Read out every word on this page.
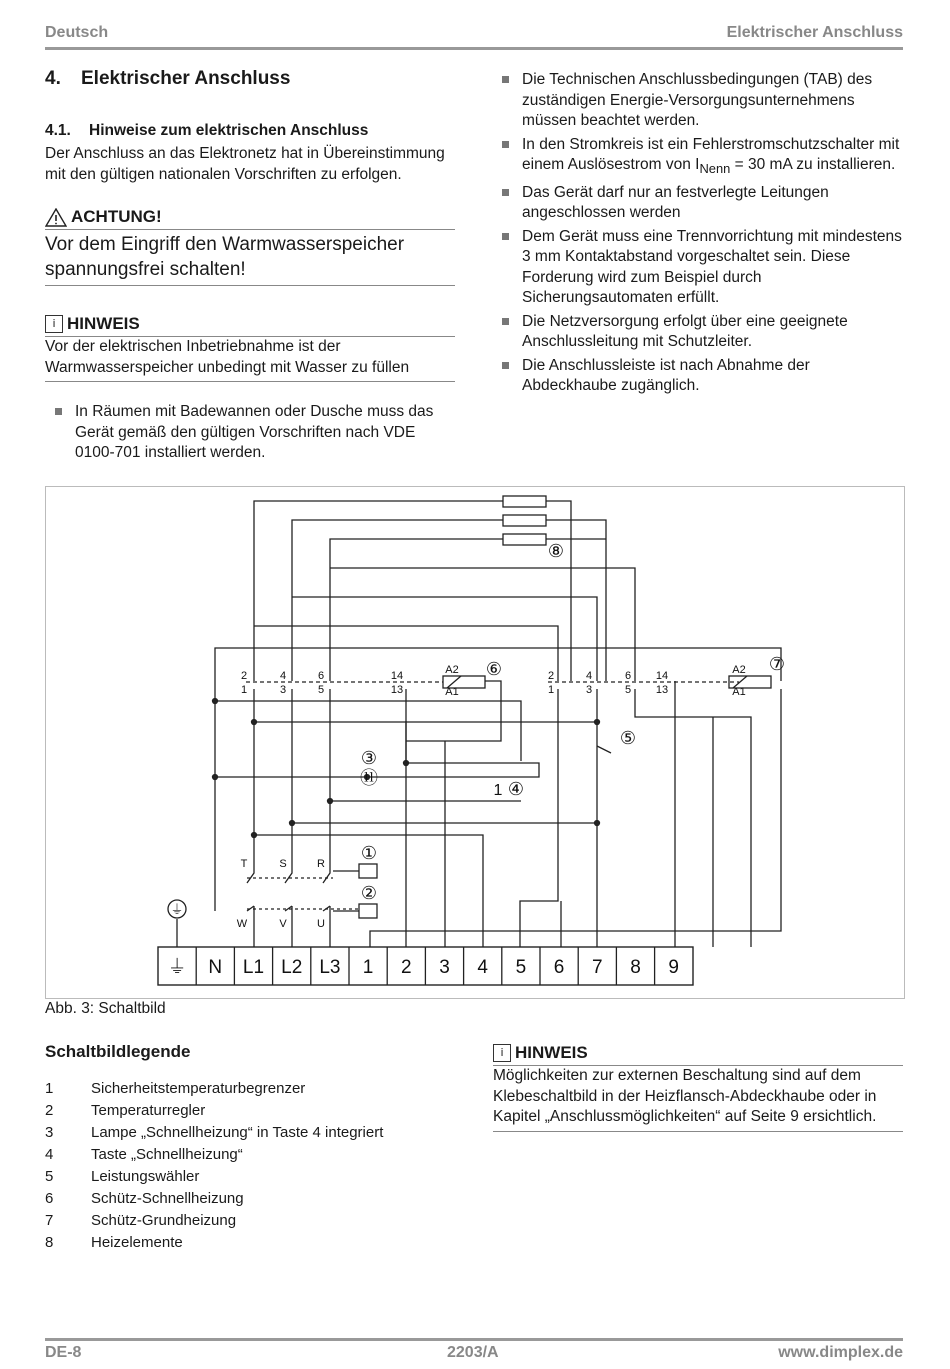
Deutsch	Elektrischer Anschluss
4. Elektrischer Anschluss
4.1. Hinweise zum elektrischen Anschluss

Der Anschluss an das Elektronetz hat in Übereinstimmung mit den gültigen nationalen Vorschriften zu erfolgen.

ACHTUNG!
Vor dem Eingriff den Warmwasserspeicher spannungsfrei schalten!
i HINWEIS
Vor der elektrischen Inbetriebnahme ist der Warmwasserspeicher unbedingt mit Wasser zu füllen
In Räumen mit Badewannen oder Dusche muss das Gerät gemäß den gültigen Vorschriften nach VDE 0100-701 installiert werden.
Die Technischen Anschlussbedingungen (TAB) des zuständigen Energie-Versorgungsunternehmens müssen beachtet werden.
In den Stromkreis ist ein Fehlerstromschutzschalter mit einem Auslösestrom von $I_{Nenn} = 30$ mA zu installieren.
Das Gerät darf nur an festverlegte Leitungen angeschlossen werden
Dem Gerät muss eine Trennvorrichtung mit mindestens 3 mm Kontaktabstand vorgeschaltet sein. Diese Forderung wird zum Beispiel durch Sicherungsautomaten erfüllt.
Die Netzversorgung erfolgt über eine geeignete Anschlussleitung mit Schutzleiter.
Die Anschlussleiste ist nach Abnahme der Abdeckhaube zugänglich.
⏚ N L1 L2 L3 1 2 3 4 5 6 7 8 9
2	4	6	14
1	3	5	13
A2
A1
2	4	6 14
1	3	5 13
A2
A1
T	S	R
W	V	U
①
②
③
④
⑤
⑥	⑦
⑧
⑪
1
⏚
Abb. 3: Schaltbild
Schaltbildlegende
1	Sicherheitstemperaturbegrenzer
2	Temperaturregler
3	Lampe „Schnellheizung“ in Taste 4 integriert
4	Taste „Schnellheizung“
5	Leistungswähler
6	Schütz-Schnellheizung
7	Schütz-Grundheizung
8	Heizelemente
i HINWEIS
Möglichkeiten zur externen Beschaltung sind auf dem Klebeschaltbild in der Heizflansch-Abdeckhaube oder in Kapitel „Anschlussmöglichkeiten“ auf Seite 9 ersichtlich.
DE-8	2203/A	www.dimplex.de
